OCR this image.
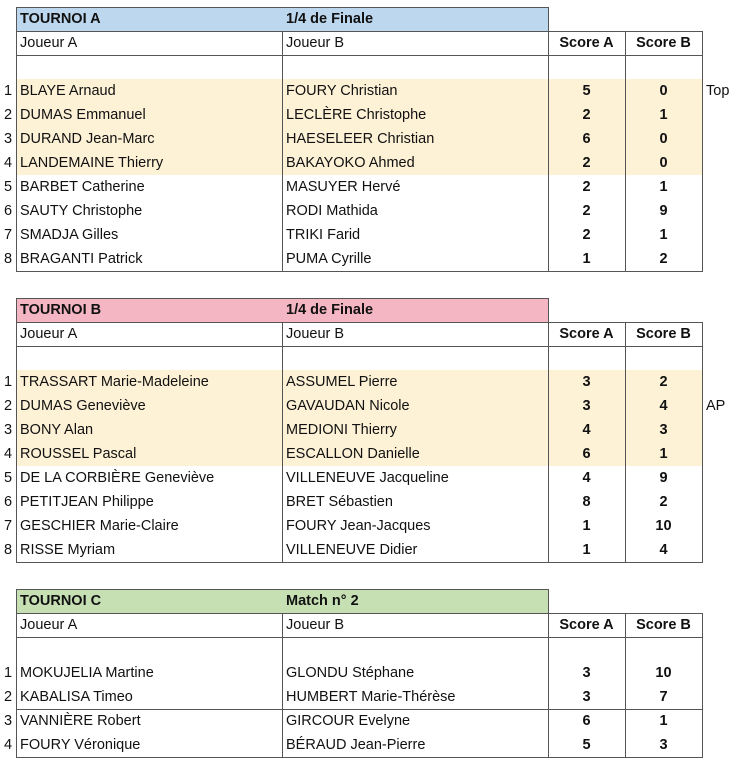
TOURNOI A	1/4 de Finale
Joueur A	Joueur B	Score A	Score B
1 BLAYE Arnaud	FOURY Christian	5	0	Top
2 DUMAS Emmanuel	LECLÈRE Christophe	2	1
3 DURAND Jean-Marc	HAESELEER Christian	6	0
4 LANDEMAINE Thierry	BAKAYOKO Ahmed	2	0
5 BARBET Catherine	MASUYER Hervé	2	1
6 SAUTY Christophe	RODI Mathida	2	9
7 SMADJA Gilles	TRIKI Farid	2	1
8 BRAGANTI Patrick	PUMA Cyrille	1	2
TOURNOI B	1/4 de Finale
Joueur A	Joueur B	Score A	Score B
1 TRASSART Marie-Madeleine	ASSUMEL Pierre	3	2
2 DUMAS Geneviève	GAVAUDAN Nicole	3	4	AP
3 BONY Alan	MEDIONI Thierry	4	3
4 ROUSSEL Pascal	ESCALLON Danielle	6	1
5 DE LA CORBIÈRE Geneviève	VILLENEUVE Jacqueline	4	9
6 PETITJEAN Philippe	BRET Sébastien	8	2
7 GESCHIER Marie-Claire	FOURY Jean-Jacques	1	10
8 RISSE Myriam	VILLENEUVE Didier	1	4
TOURNOI C	Match n° 2
Joueur A	Joueur B	Score A	Score B
1 MOKUJELIA Martine	GLONDU Stéphane	3	10
2 KABALISA Timeo	HUMBERT Marie-Thérèse	3	7
3 VANNIÈRE Robert	GIRCOUR Evelyne	6	1
4 FOURY Véronique	BÉRAUD Jean-Pierre	5	3
